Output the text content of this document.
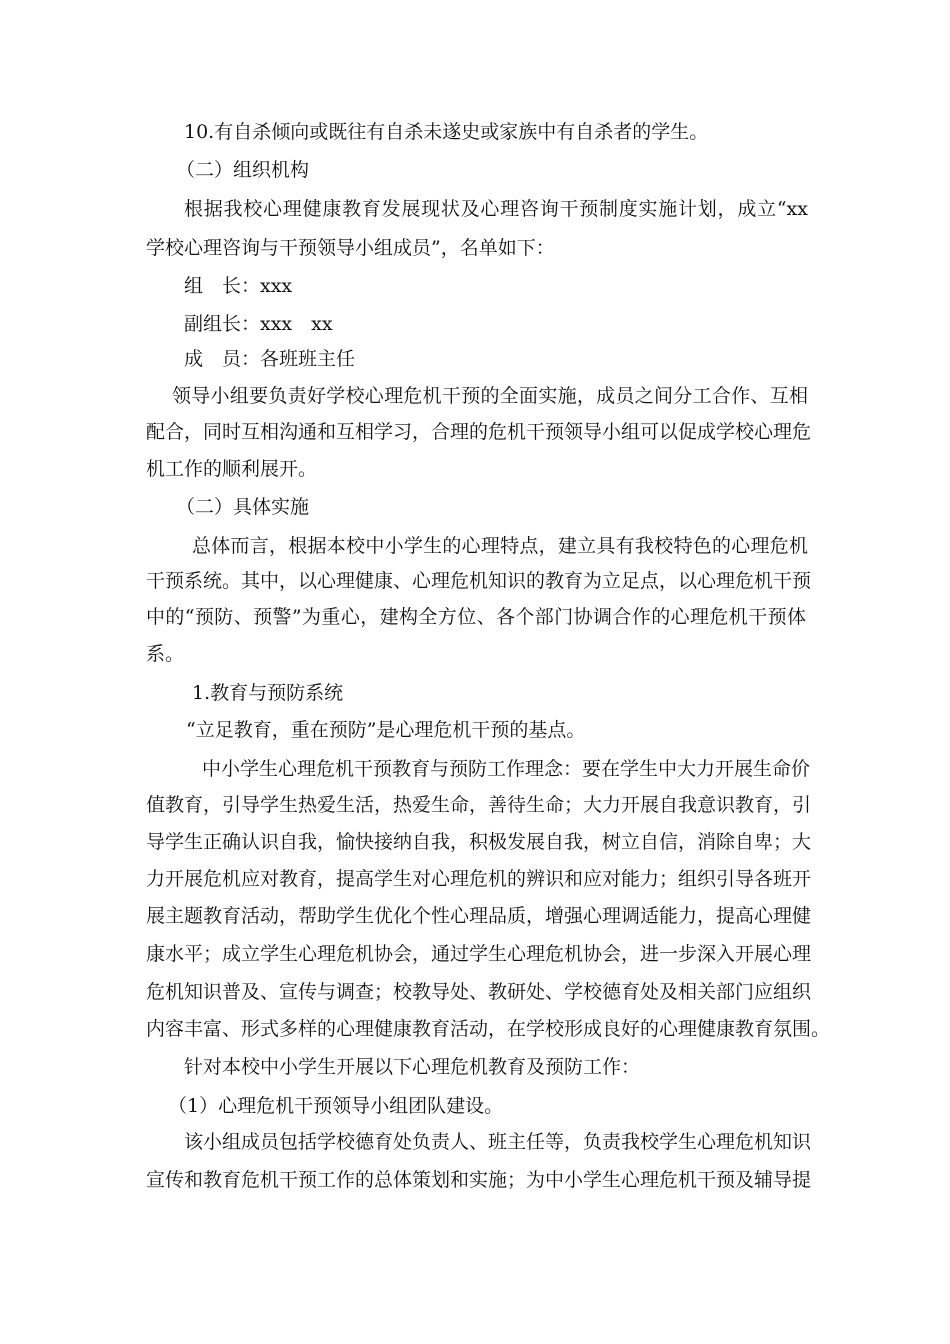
10.有自杀倾向或既往有自杀未遂史或家族中有自杀者的学生。
（二）组织机构
根据我校心理健康教育发展现状及心理咨询干预制度实施计划，成立“xx
学校心理咨询与干预领导小组成员”，名单如下：
组　长：xxx
副组长：xxx　xx
成　员：各班班主任
领导小组要负责好学校心理危机干预的全面实施，成员之间分工合作、互相
配合，同时互相沟通和互相学习，合理的危机干预领导小组可以促成学校心理危
机工作的顺利展开。
（二）具体实施
总体而言，根据本校中小学生的心理特点，建立具有我校特色的心理危机
干预系统。其中，以心理健康、心理危机知识的教育为立足点，以心理危机干预
中的“预防、预警”为重心，建构全方位、各个部门协调合作的心理危机干预体
系。
1.教育与预防系统
“立足教育，重在预防”是心理危机干预的基点。
中小学生心理危机干预教育与预防工作理念：要在学生中大力开展生命价
值教育，引导学生热爱生活，热爱生命，善待生命；大力开展自我意识教育，引
导学生正确认识自我，愉快接纳自我，积极发展自我，树立自信，消除自卑；大
力开展危机应对教育，提高学生对心理危机的辨识和应对能力；组织引导各班开
展主题教育活动，帮助学生优化个性心理品质，增强心理调适能力，提高心理健
康水平；成立学生心理危机协会，通过学生心理危机协会，进一步深入开展心理
危机知识普及、宣传与调查；校教导处、教研处、学校德育处及相关部门应组织
内容丰富、形式多样的心理健康教育活动，在学校形成良好的心理健康教育氛围。
针对本校中小学生开展以下心理危机教育及预防工作：
（1）心理危机干预领导小组团队建设。
该小组成员包括学校德育处负责人、班主任等，负责我校学生心理危机知识
宣传和教育危机干预工作的总体策划和实施；为中小学生心理危机干预及辅导提
